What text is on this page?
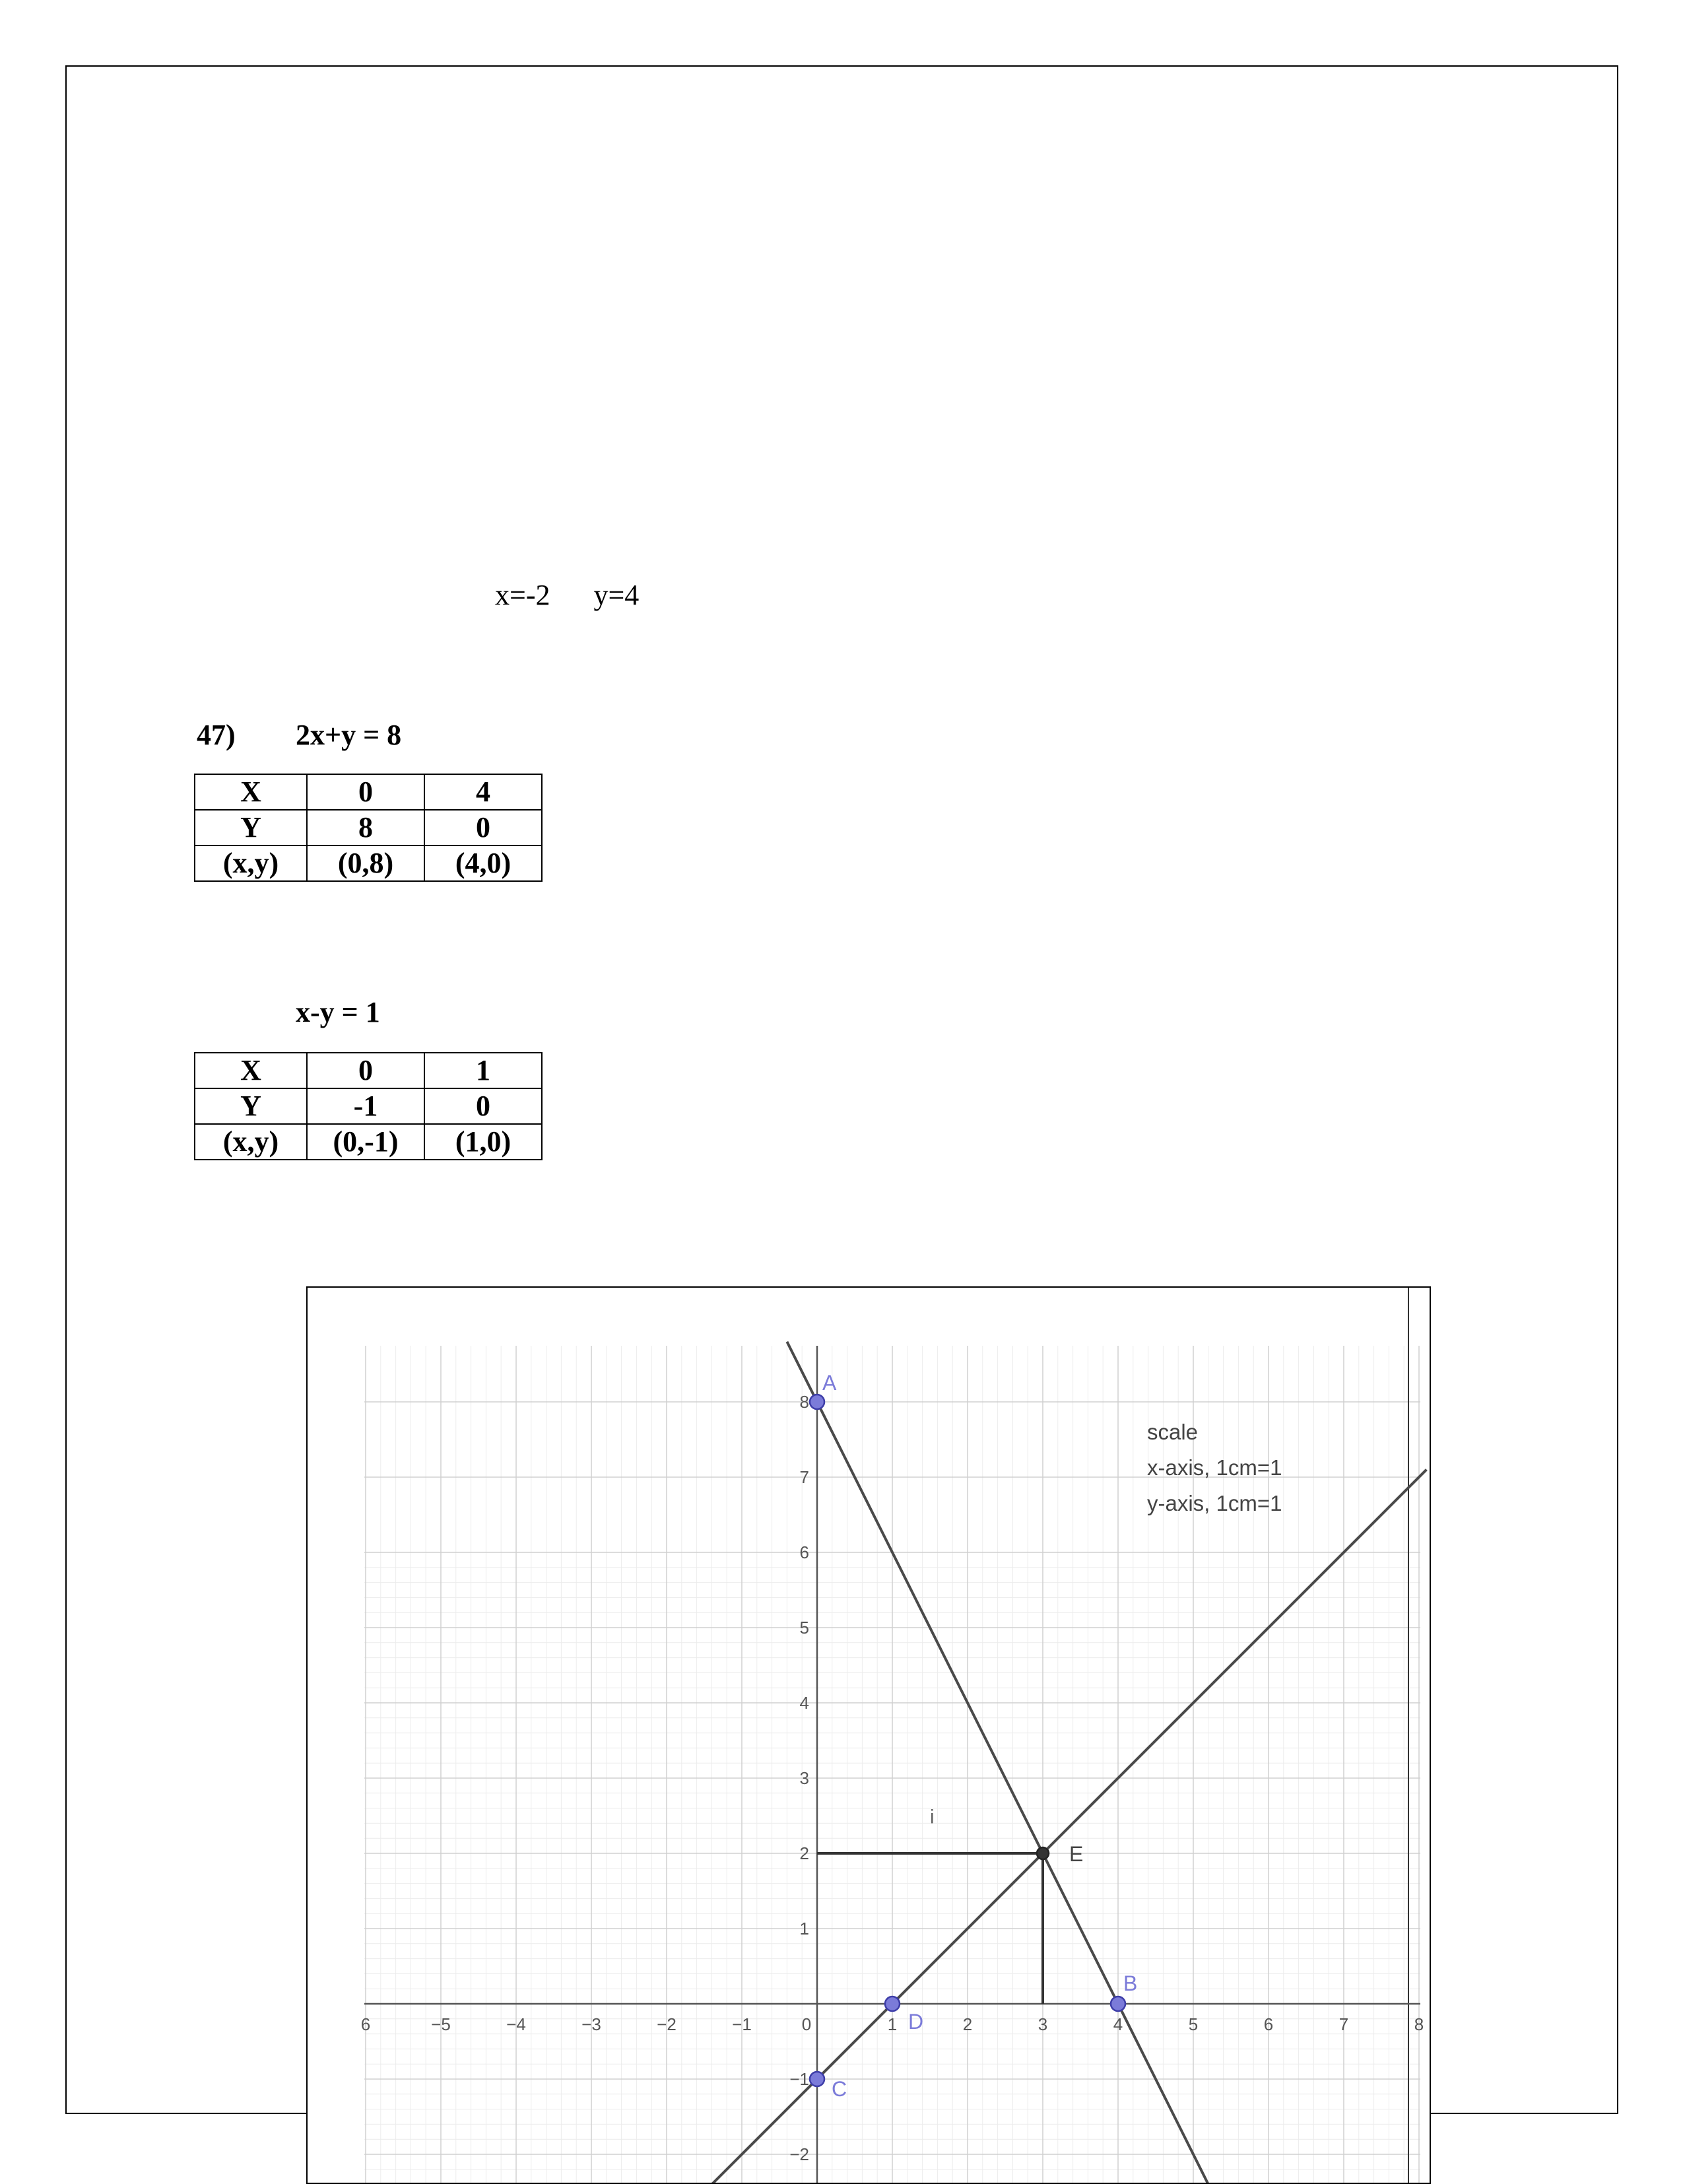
x=-2 y=4
47) 2x+y = 8
X	0	4
Y	8	0
(x,y)	(0,8)	(4,0)
x-y = 1
X	0	1
Y	-1	0
(x,y)	(0,-1)	(1,0)
6	−5	−4	−3	−2	−1	0	1	2	3	4	5	6	7	8
8
7
6
5
4
3
2
1
−1
−2
i
A
B
C
D
E
scale
x-axis, 1cm=1
y-axis, 1cm=1
